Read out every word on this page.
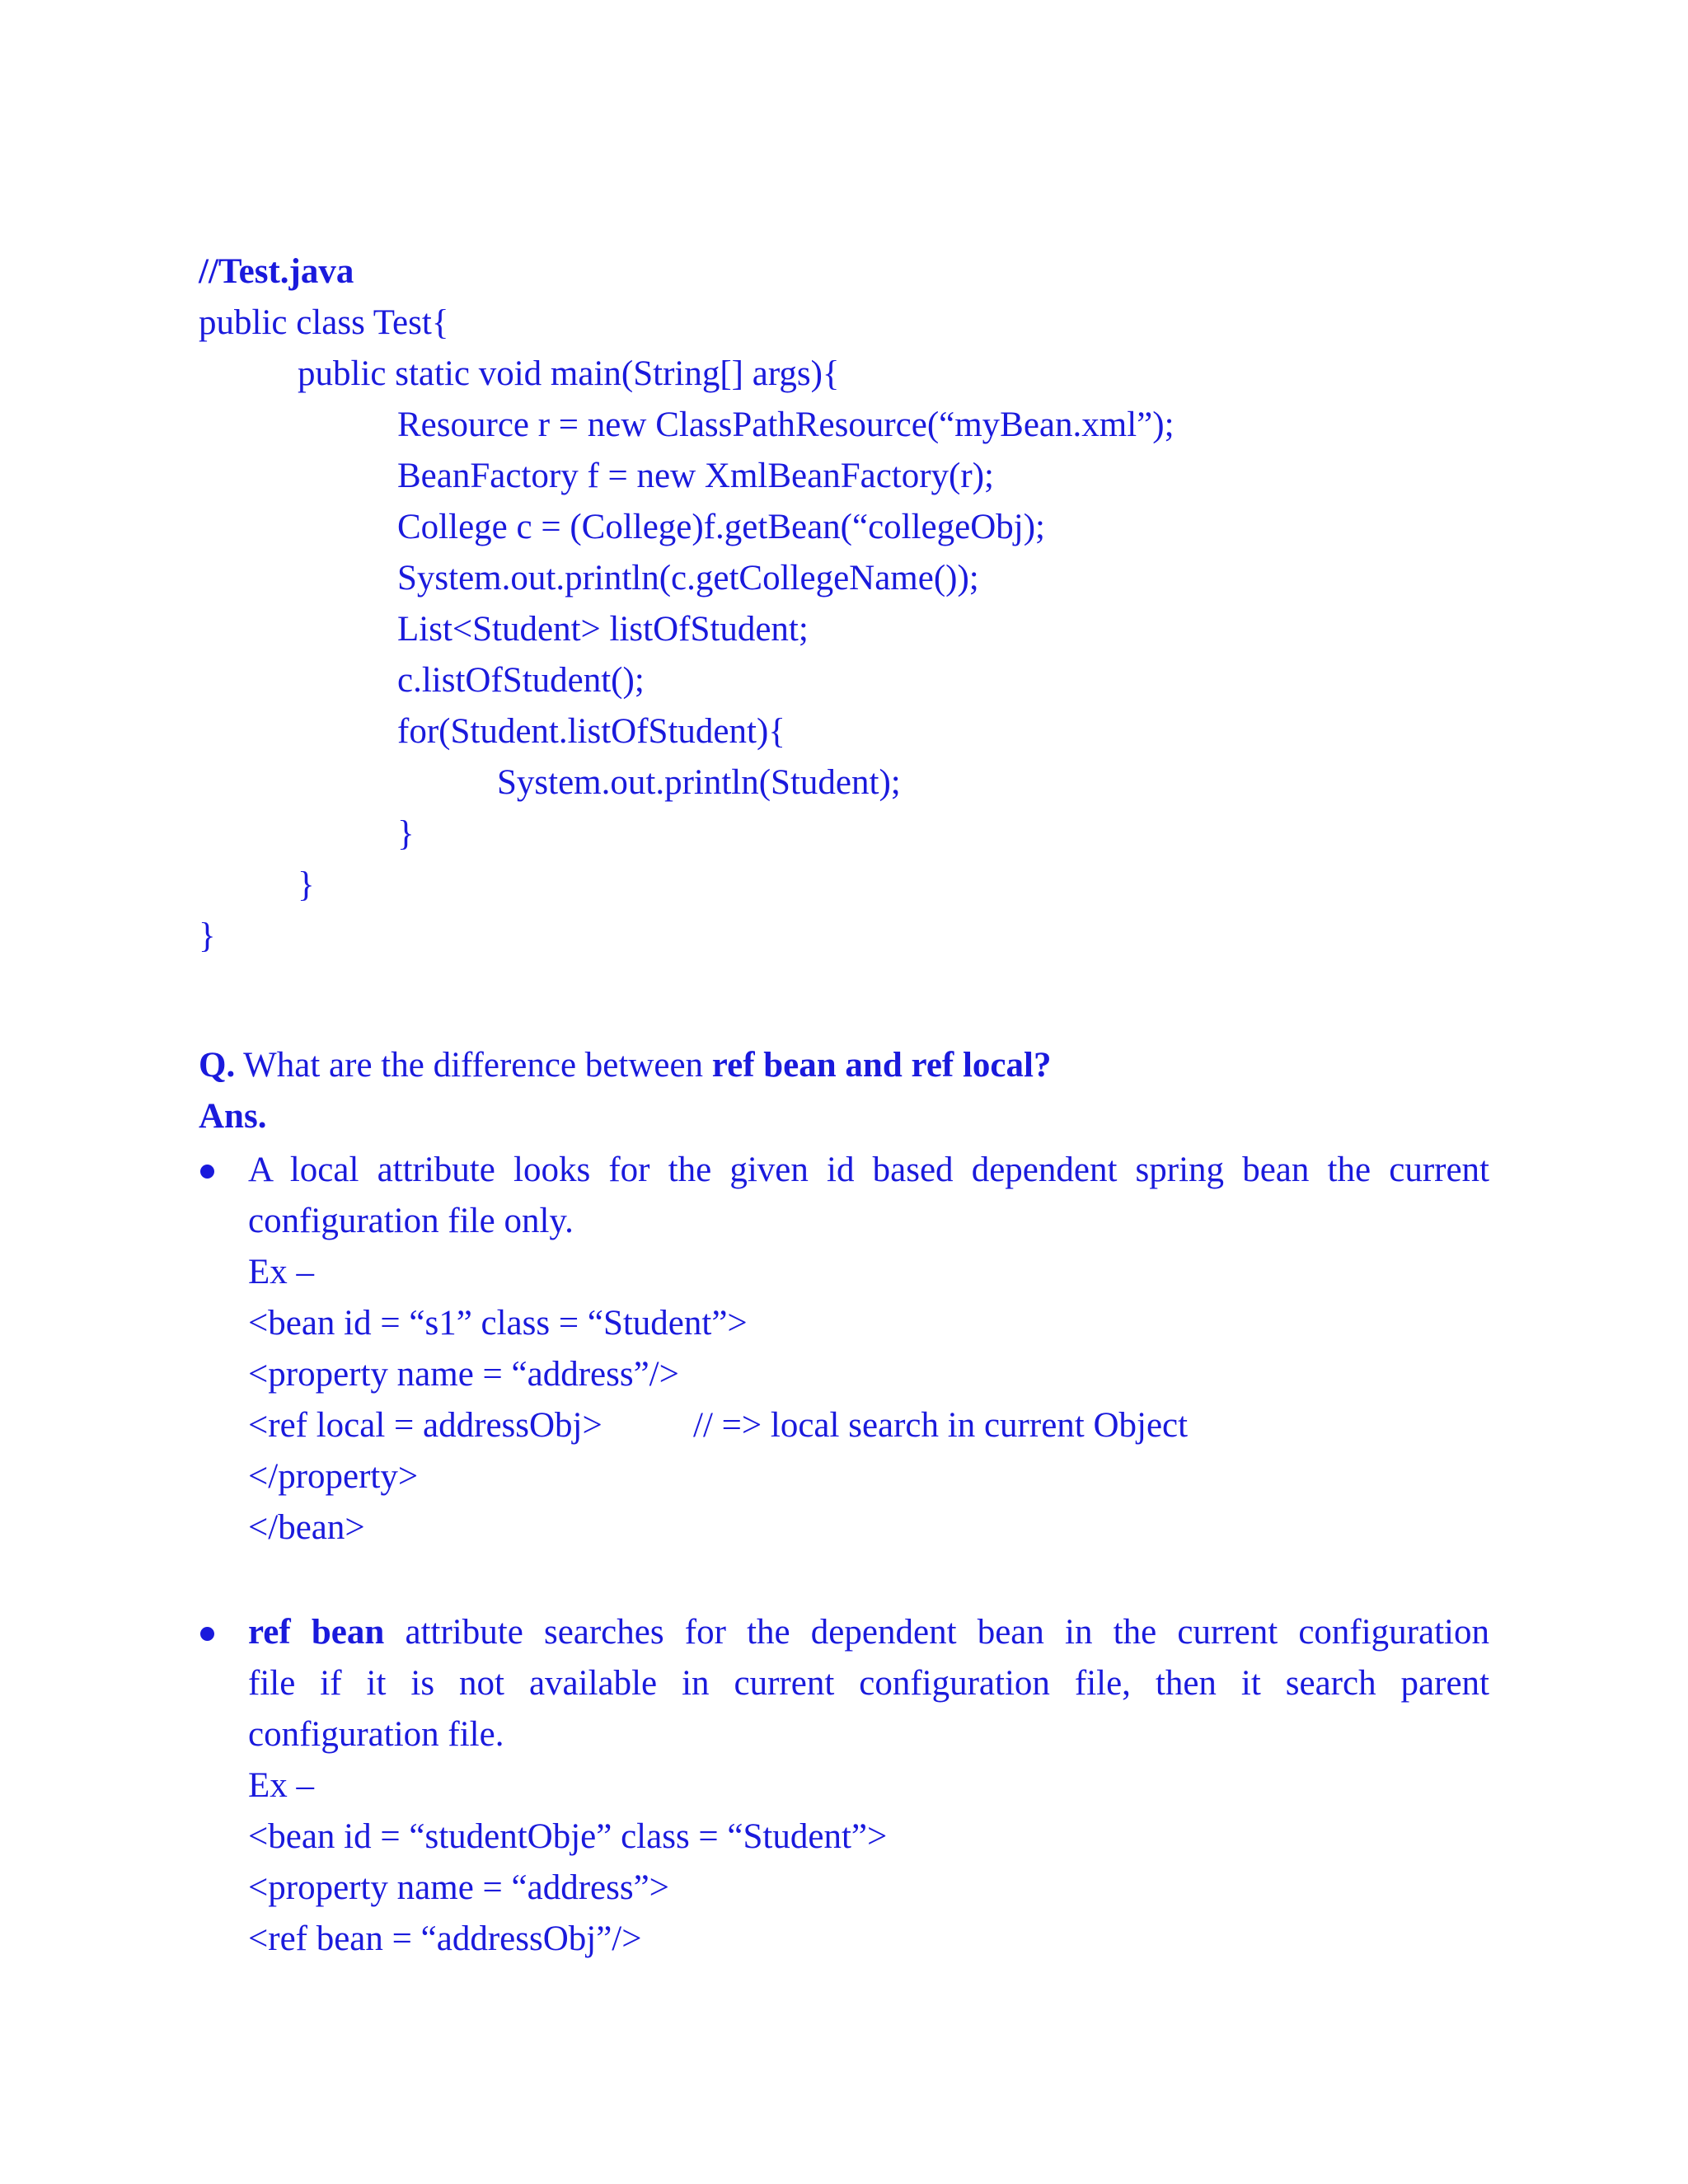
//Test.java
public class Test{
public static void main(String[] args){
Resource r = new ClassPathResource(“myBean.xml”);
BeanFactory f = new XmlBeanFactory(r);
College c = (College)f.getBean(“collegeObj);
System.out.println(c.getCollegeName());
List<Student> listOfStudent;
c.listOfStudent();
for(Student.listOfStudent){
System.out.println(Student);
}
}
}
Q. What are the difference between ref bean and ref local?
Ans.
A local attribute looks for the given id based dependent spring bean the current
configuration file only.
Ex –
<bean id = “s1” class = “Student”>
<property name = “address”/>
<ref local = addressObj>	// => local search in current Object
</property>
</bean>
ref bean attribute searches for the dependent bean in the current configuration
file if it is not available in current configuration file, then it search parent
configuration file.
Ex –
<bean id = “studentObje” class = “Student”>
<property name = “address”>
<ref bean = “addressObj”/>
